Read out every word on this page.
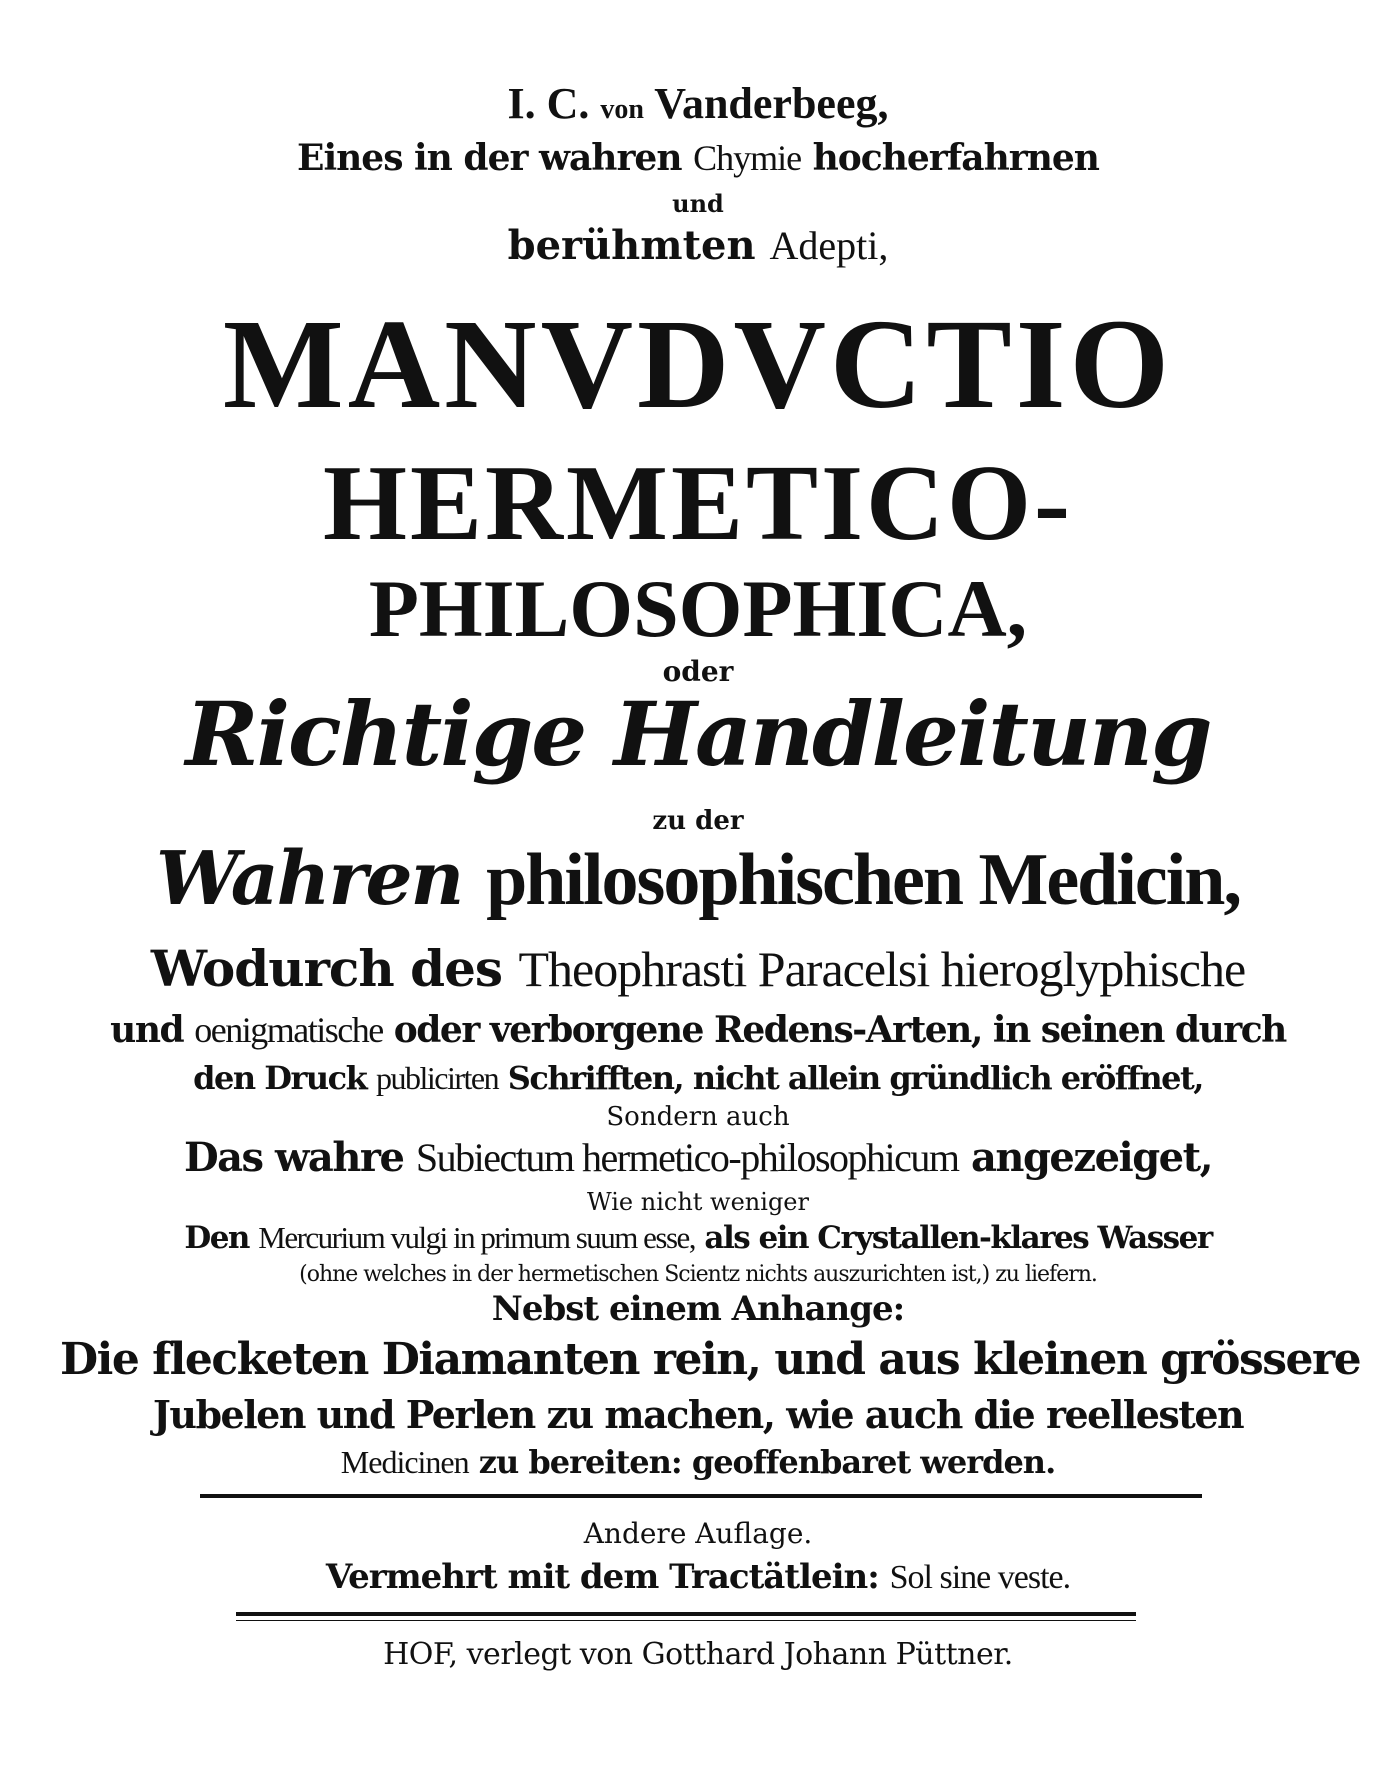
I. C. von Vanderbeeg,
Eines in der wahren Chymie hocherfahrnen
und
berühmten Adepti,
MANVDVCTIO
HERMETICO-
PHILOSOPHICA,
oder
Richtige Handleitung
zu der
Wahren philosophischen Medicin,
Wodurch des Theophrasti Paracelsi hieroglyphische
und oenigmatische oder verborgene Redens-Arten, in seinen durch
den Druck publicirten Schrifften, nicht allein gründlich eröffnet,
Sondern auch
Das wahre Subiectum hermetico-philosophicum angezeiget,
Wie nicht weniger
Den Mercurium vulgi in primum suum esse, als ein Crystallen-klares Wasser
(ohne welches in der hermetischen Scientz nichts auszurichten ist,) zu liefern.
Nebst einem Anhange:
Die flecketen Diamanten rein, und aus kleinen grössere
Jubelen und Perlen zu machen, wie auch die reellesten
Medicinen zu bereiten: geoffenbaret werden.
Andere Auflage.
Vermehrt mit dem Tractätlein: Sol sine veste.
HOF, verlegt von Gotthard Johann Püttner.
